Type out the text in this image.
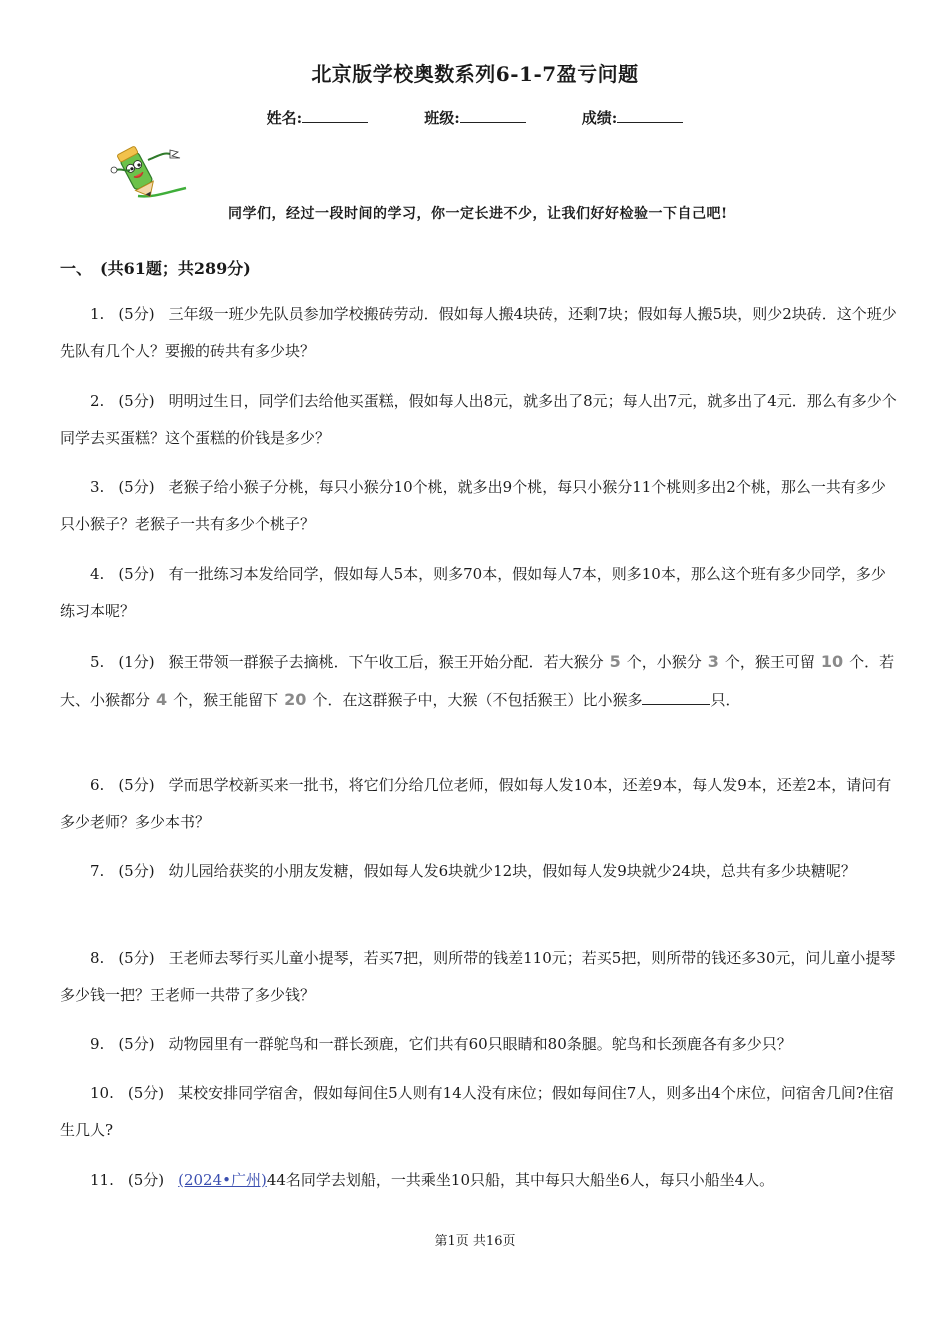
北京版学校奥数系列6-1-7盈亏问题
姓名:	班级:	成绩:
同学们，经过一段时间的学习，你一定长进不少，让我们好好检验一下自己吧!
一、 (共61题；共289分)

1. (5分) 三年级一班少先队员参加学校搬砖劳动．假如每人搬4块砖，还剩7块；假如每人搬5块，则少2块砖．这个班少先队有几个人？要搬的砖共有多少块？

2. (5分) 明明过生日，同学们去给他买蛋糕，假如每人出8元，就多出了8元；每人出7元，就多出了4元．那么有多少个同学去买蛋糕？这个蛋糕的价钱是多少？

3. (5分) 老猴子给小猴子分桃，每只小猴分10个桃，就多出9个桃，每只小猴分11个桃则多出2个桃，那么一共有多少只小猴子？老猴子一共有多少个桃子？

4. (5分) 有一批练习本发给同学，假如每人5本，则多70本，假如每人7本，则多10本，那么这个班有多少同学，多少练习本呢？

5. (1分) 猴王带领一群猴子去摘桃．下午收工后，猴王开始分配．若大猴分 5 个，小猴分 3 个，猴王可留 10 个．若大、小猴都分 4 个，猴王能留下 20 个．在这群猴子中，大猴（不包括猴王）比小猴多	只．

6. (5分) 学而思学校新买来一批书，将它们分给几位老师，假如每人发10本，还差9本，每人发9本，还差2本，请问有多少老师？多少本书？

7. (5分) 幼儿园给获奖的小朋友发糖，假如每人发6块就少12块，假如每人发9块就少24块，总共有多少块糖呢？

8. (5分) 王老师去琴行买儿童小提琴，若买7把，则所带的钱差110元；若买5把，则所带的钱还多30元，问儿童小提琴多少钱一把？王老师一共带了多少钱？

9. (5分) 动物园里有一群鸵鸟和一群长颈鹿，它们共有60只眼睛和80条腿。鸵鸟和长颈鹿各有多少只？

10. (5分) 某校安排同学宿舍，假如每间住5人则有14人没有床位；假如每间住7人，则多出4个床位，问宿舍几间?住宿生几人?

11. (5分) (2024•广州)44名同学去划船，一共乘坐10只船，其中每只大船坐6人，每只小船坐4人。

第1页 共16页
